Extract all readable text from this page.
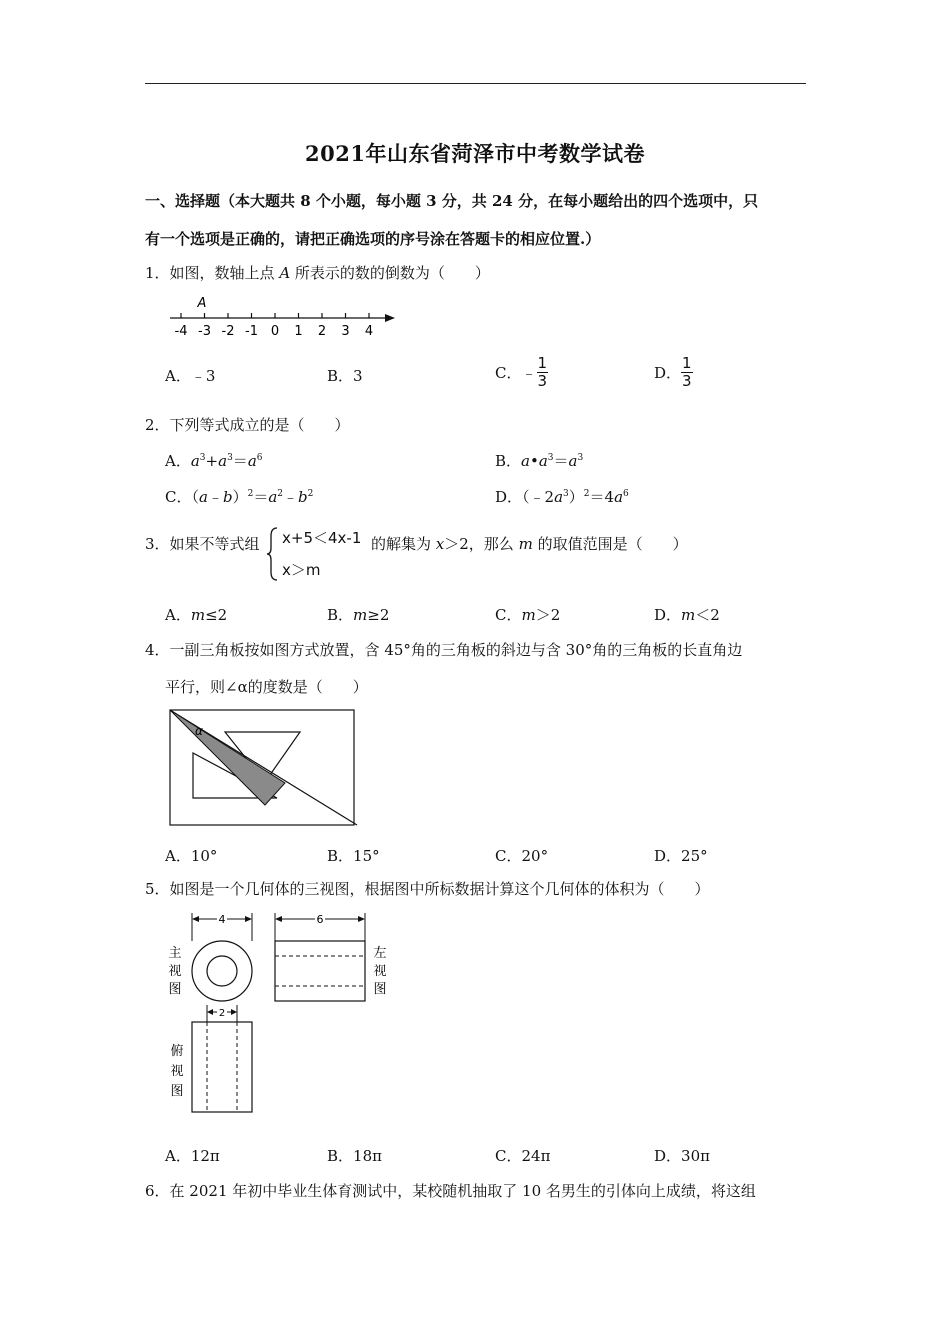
2021年山东省菏泽市中考数学试卷
一、选择题（本大题共 8 个小题，每小题 3 分，共 24 分，在每小题给出的四个选项中，只
有一个选项是正确的，请把正确选项的序号涂在答题卡的相应位置.）
1．如图，数轴上点 A 所表示的数的倒数为（　　）
-4 -3 -2 -1 0 1 2 3 4
A
A．﹣3	B．3	C．﹣ $\frac{1}{3}$	D． $\frac{1}{3}$
2．下列等式成立的是（　　）
A．$a^3+a^3=a^6$	B．$a•a^3=a^3$
C．$(a﹣b)^2=a^2﹣b^2$	D．$(﹣2a^3)^2=4a^6$
3．如果不等式组 x+5＜4x-1
x＞m
的解集为 x＞2，那么 m 的取值范围是（　　）
A．m≤2	B．m≥2	C．m＞2	D．m＜2
4．一副三角板按如图方式放置，含 45°角的三角板的斜边与含 30°角的三角板的长直角边
平行，则∠α的度数是（　　）
α
A．10°	B．15°	C．20°	D．25°
5．如图是一个几何体的三视图，根据图中所标数据计算这个几何体的体积为（　　）
4
主
视
图
6
左
视
图
2
俯
视
图
A．12π	B．18π	C．24π	D．30π
6．在 2021 年初中毕业生体育测试中，某校随机抽取了 10 名男生的引体向上成绩，将这组
